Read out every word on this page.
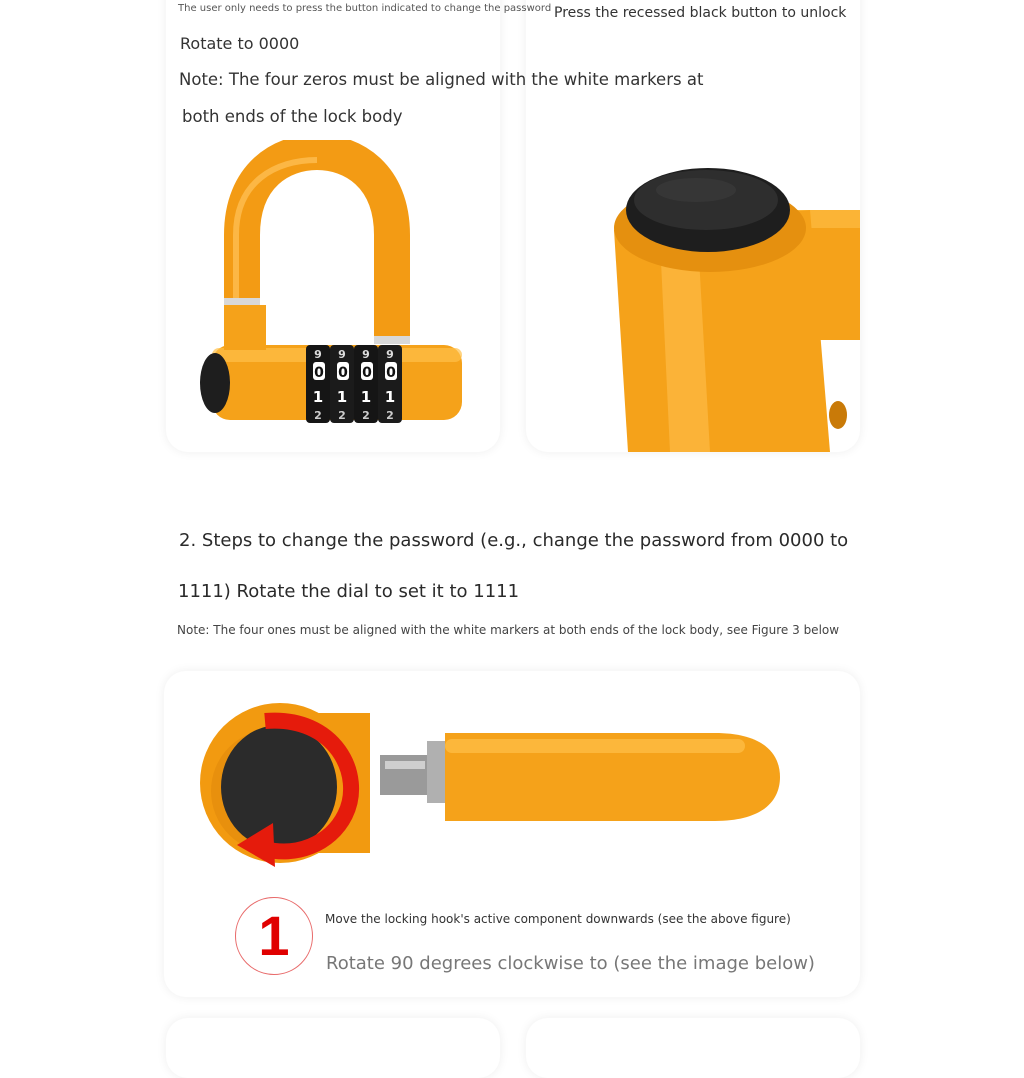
The user only needs to press the button indicated to change the password Press the recessed black button to unlock
Rotate to 0000
Note: The four zeros must be aligned with the white markers at
both ends of the lock body
9 9 9 9
0 0 0 0
1 1 1 1
2 2 2 2
2. Steps to change the password (e.g., change the password from 0000 to
1111) Rotate the dial to set it to 1111
Note: The four ones must be aligned with the white markers at both ends of the lock body, see Figure 3 below
1	Move the locking hook's active component downwards (see the above figure)
Rotate 90 degrees clockwise to (see the image below)
